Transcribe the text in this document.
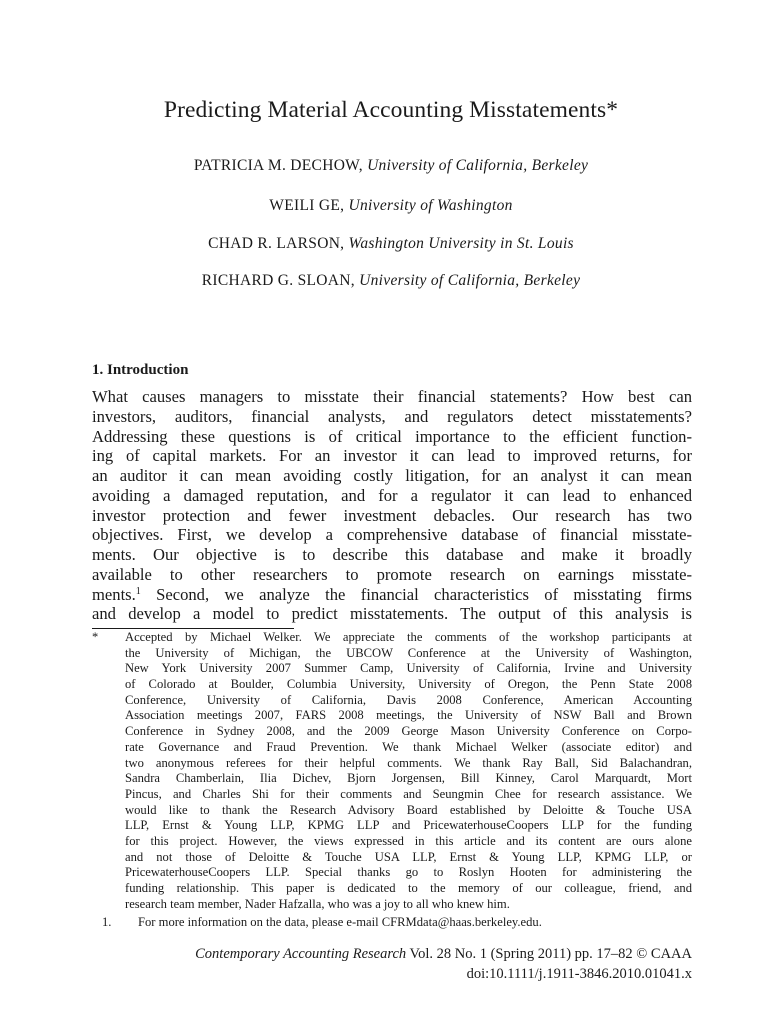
Predicting Material Accounting Misstatements*
PATRICIA M. DECHOW, University of California, Berkeley
WEILI GE, University of Washington
CHAD R. LARSON, Washington University in St. Louis
RICHARD G. SLOAN, University of California, Berkeley
1. Introduction
What causes managers to misstate their financial statements? How best can
investors, auditors, financial analysts, and regulators detect misstatements?
Addressing these questions is of critical importance to the efficient function-
ing of capital markets. For an investor it can lead to improved returns, for
an auditor it can mean avoiding costly litigation, for an analyst it can mean
avoiding a damaged reputation, and for a regulator it can lead to enhanced
investor protection and fewer investment debacles. Our research has two
objectives. First, we develop a comprehensive database of financial misstate-
ments. Our objective is to describe this database and make it broadly
available to other researchers to promote research on earnings misstate-
ments.$^1$ Second, we analyze the financial characteristics of misstating firms
and develop a model to predict misstatements. The output of this analysis is
* Accepted by Michael Welker. We appreciate the comments of the workshop participants at
the University of Michigan, the UBCOW Conference at the University of Washington,
New York University 2007 Summer Camp, University of California, Irvine and University
of Colorado at Boulder, Columbia University, University of Oregon, the Penn State 2008
Conference, University of California, Davis 2008 Conference, American Accounting
Association meetings 2007, FARS 2008 meetings, the University of NSW Ball and Brown
Conference in Sydney 2008, and the 2009 George Mason University Conference on Corpo-
rate Governance and Fraud Prevention. We thank Michael Welker (associate editor) and
two anonymous referees for their helpful comments. We thank Ray Ball, Sid Balachandran,
Sandra Chamberlain, Ilia Dichev, Bjorn Jorgensen, Bill Kinney, Carol Marquardt, Mort
Pincus, and Charles Shi for their comments and Seungmin Chee for research assistance. We
would like to thank the Research Advisory Board established by Deloitte & Touche USA
LLP, Ernst & Young LLP, KPMG LLP and PricewaterhouseCoopers LLP for the funding
for this project. However, the views expressed in this article and its content are ours alone
and not those of Deloitte & Touche USA LLP, Ernst & Young LLP, KPMG LLP, or
PricewaterhouseCoopers LLP. Special thanks go to Roslyn Hooten for administering the
funding relationship. This paper is dedicated to the memory of our colleague, friend, and
research team member, Nader Hafzalla, who was a joy to all who knew him.
1. For more information on the data, please e-mail CFRMdata@haas.berkeley.edu.
Contemporary Accounting Research Vol. 28 No. 1 (Spring 2011) pp. 17–82 © CAAA
doi:10.1111/j.1911-3846.2010.01041.x
